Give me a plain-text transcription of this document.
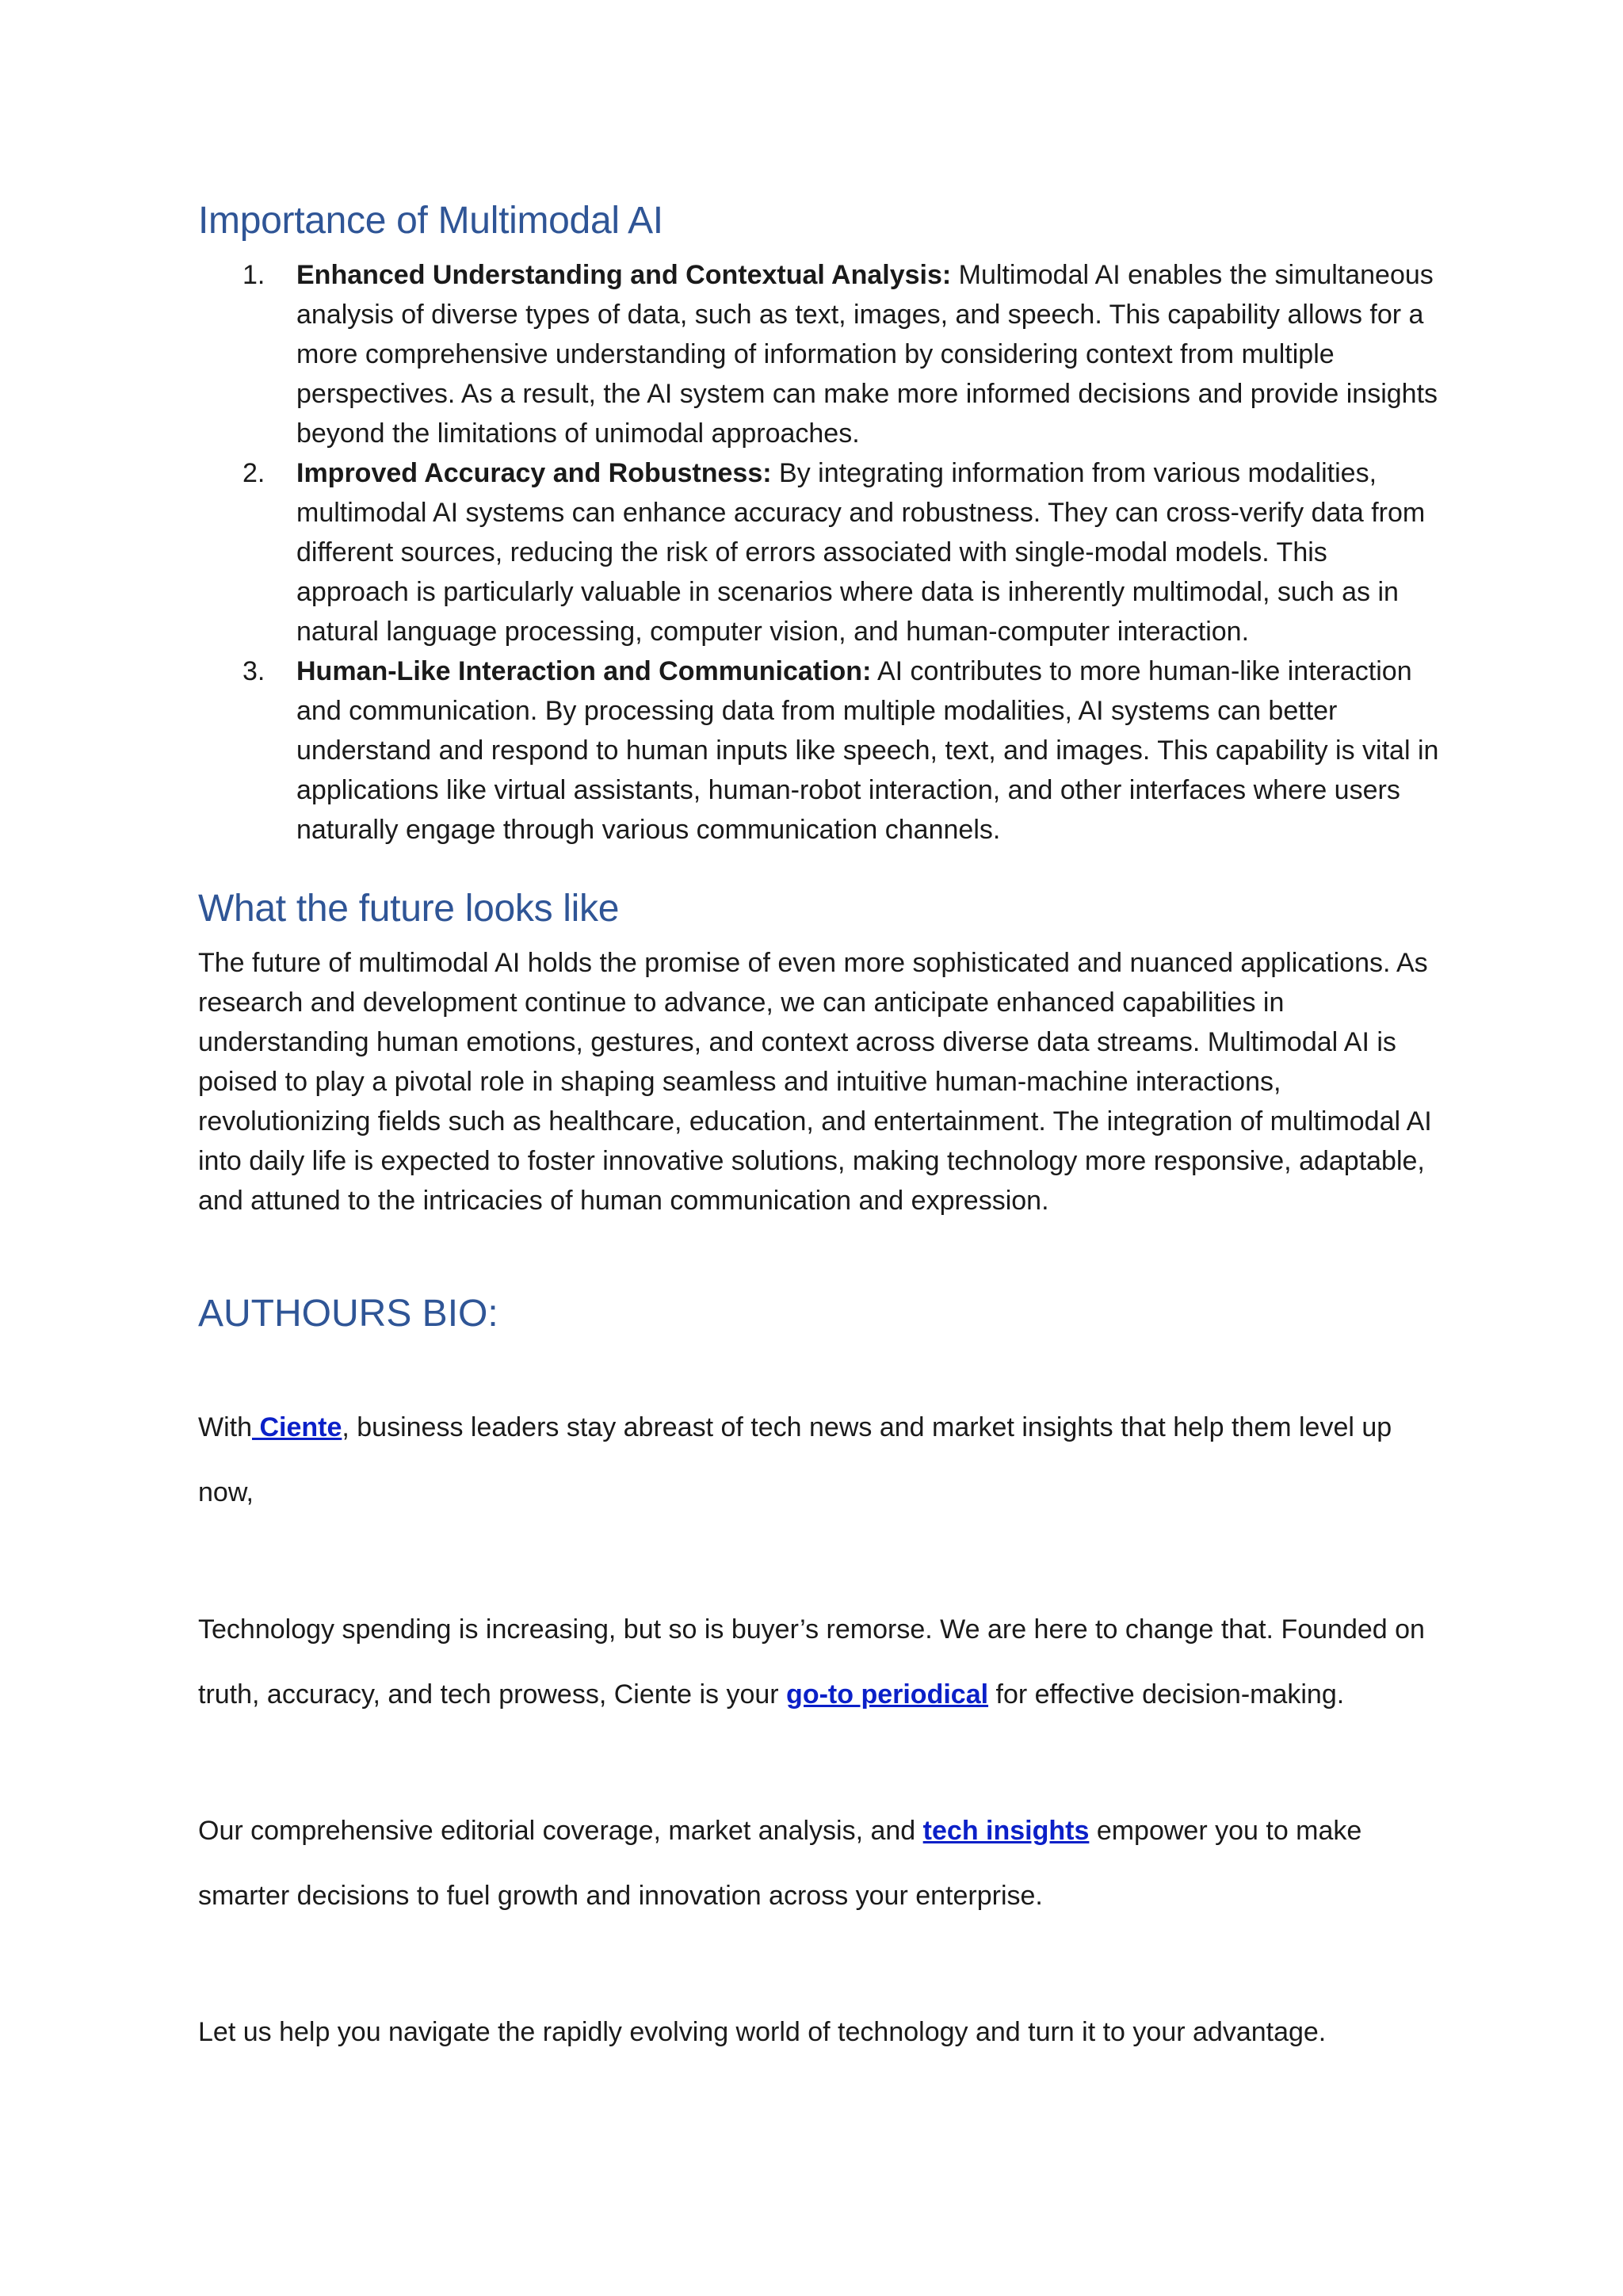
Importance of Multimodal AI
1. Enhanced Understanding and Contextual Analysis: Multimodal AI enables the simultaneous analysis of diverse types of data, such as text, images, and speech. This capability allows for a more comprehensive understanding of information by considering context from multiple perspectives. As a result, the AI system can make more informed decisions and provide insights beyond the limitations of unimodal approaches.
2. Improved Accuracy and Robustness: By integrating information from various modalities, multimodal AI systems can enhance accuracy and robustness. They can cross-verify data from different sources, reducing the risk of errors associated with single-modal models. This approach is particularly valuable in scenarios where data is inherently multimodal, such as in natural language processing, computer vision, and human-computer interaction.
3. Human-Like Interaction and Communication: AI contributes to more human-like interaction and communication. By processing data from multiple modalities, AI systems can better understand and respond to human inputs like speech, text, and images. This capability is vital in applications like virtual assistants, human-robot interaction, and other interfaces where users naturally engage through various communication channels.
What the future looks like

The future of multimodal AI holds the promise of even more sophisticated and nuanced applications. As research and development continue to advance, we can anticipate enhanced capabilities in understanding human emotions, gestures, and context across diverse data streams. Multimodal AI is poised to play a pivotal role in shaping seamless and intuitive human-machine interactions, revolutionizing fields such as healthcare, education, and entertainment. The integration of multimodal AI into daily life is expected to foster innovative solutions, making technology more responsive, adaptable, and attuned to the intricacies of human communication and expression.

AUTHOURS BIO:

With Ciente, business leaders stay abreast of tech news and market insights that help them level up now,

Technology spending is increasing, but so is buyer’s remorse. We are here to change that. Founded on truth, accuracy, and tech prowess, Ciente is your go-to periodical for effective decision-making.

Our comprehensive editorial coverage, market analysis, and tech insights empower you to make smarter decisions to fuel growth and innovation across your enterprise.

Let us help you navigate the rapidly evolving world of technology and turn it to your advantage.
